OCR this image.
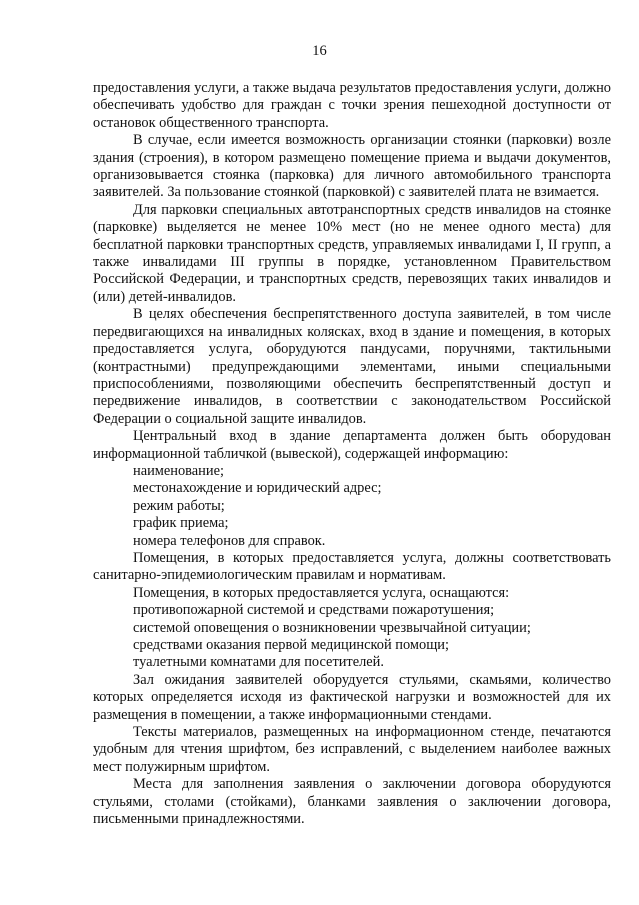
16

предоставления услуги, а также выдача результатов предоставления услуги, должно обеспечивать удобство для граждан с точки зрения пешеходной доступности от остановок общественного транспорта.

В случае, если имеется возможность организации стоянки (парковки) возле здания (строения), в котором размещено помещение приема и выдачи документов, организовывается стоянка (парковка) для личного автомобильного транспорта заявителей. За пользование стоянкой (парковкой) с заявителей плата не взимается.

Для парковки специальных автотранспортных средств инвалидов на стоянке (парковке) выделяется не менее 10% мест (но не менее одного места) для бесплатной парковки транспортных средств, управляемых инвалидами I, II групп, а также инвалидами III группы в порядке, установленном Правительством Российской Федерации, и транспортных средств, перевозящих таких инвалидов и (или) детей-инвалидов.

В целях обеспечения беспрепятственного доступа заявителей, в том числе передвигающихся на инвалидных колясках, вход в здание и помещения, в которых предоставляется услуга, оборудуются пандусами, поручнями, тактильными (контрастными) предупреждающими элементами, иными специальными приспособлениями, позволяющими обеспечить беспрепятственный доступ и передвижение инвалидов, в соответствии с законодательством Российской Федерации о социальной защите инвалидов.

Центральный вход в здание департамента должен быть оборудован информационной табличкой (вывеской), содержащей информацию:

наименование;

местонахождение и юридический адрес;

режим работы;

график приема;

номера телефонов для справок.

Помещения, в которых предоставляется услуга, должны соответствовать санитарно-эпидемиологическим правилам и нормативам.

Помещения, в которых предоставляется услуга, оснащаются:

противопожарной системой и средствами пожаротушения;

системой оповещения о возникновении чрезвычайной ситуации;

средствами оказания первой медицинской помощи;

туалетными комнатами для посетителей.

Зал ожидания заявителей оборудуется стульями, скамьями, количество которых определяется исходя из фактической нагрузки и возможностей для их размещения в помещении, а также информационными стендами.

Тексты материалов, размещенных на информационном стенде, печатаются удобным для чтения шрифтом, без исправлений, с выделением наиболее важных мест полужирным шрифтом.

Места для заполнения заявления о заключении договора оборудуются стульями, столами (стойками), бланками заявления о заключении договора, письменными принадлежностями.
